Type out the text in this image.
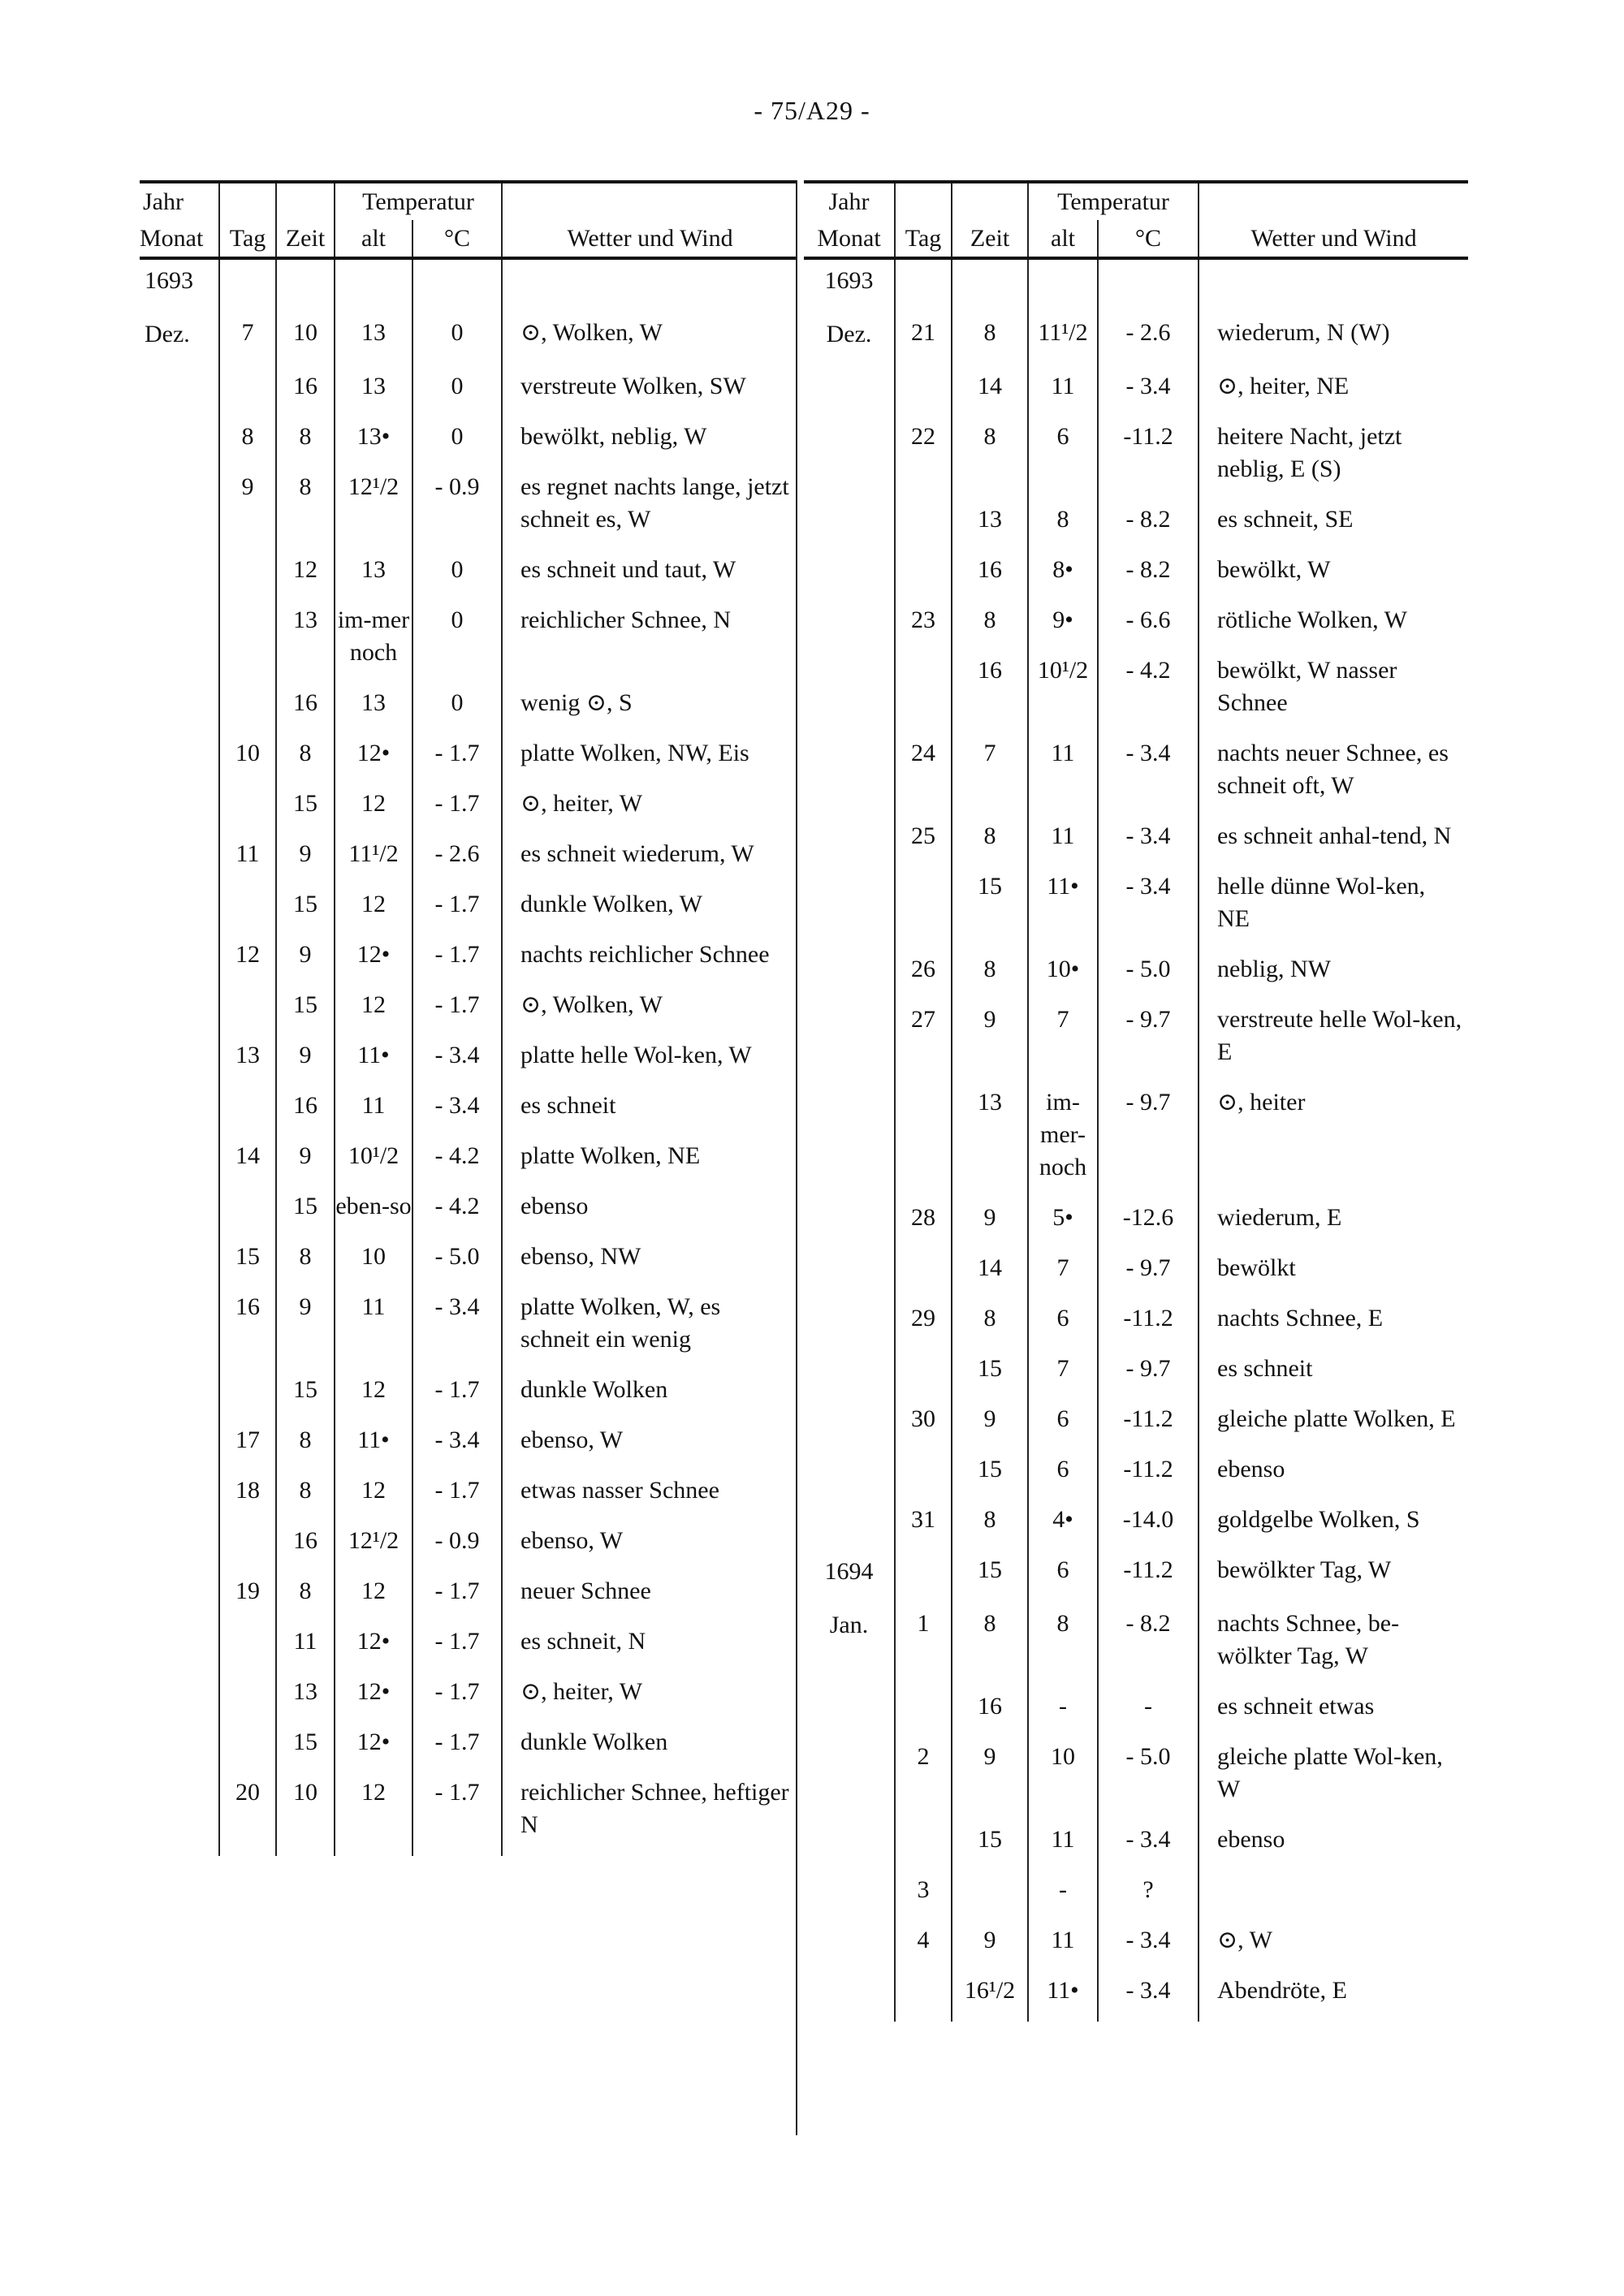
- 75/A29 -
Jahr			Temperatur		
Monat	Tag	Zeit	alt	°C	Wetter und Wind
1693					
Dez.	7	10	13	0	⊙, Wolken, W
		16	13	0	verstreute Wolken, SW
	8	8	13•	0	bewölkt, neblig, W
	9	8	12¹/2	- 0.9	es regnet nachts lange, jetzt schneit es, W
		12	13	0	es schneit und taut, W
		13	im-mer noch	0	reichlicher Schnee, N
		16	13	0	wenig ⊙, S
	10	8	12•	- 1.7	platte Wolken, NW, Eis
		15	12	- 1.7	⊙, heiter, W
	11	9	11¹/2	- 2.6	es schneit wiederum, W
		15	12	- 1.7	dunkle Wolken, W
	12	9	12•	- 1.7	nachts reichlicher Schnee
		15	12	- 1.7	⊙, Wolken, W
	13	9	11•	- 3.4	platte helle Wol-ken, W
		16	11	- 3.4	es schneit
	14	9	10¹/2	- 4.2	platte Wolken, NE
		15	eben-so	- 4.2	ebenso
	15	8	10	- 5.0	ebenso, NW
	16	9	11	- 3.4	platte Wolken, W, es schneit ein wenig
		15	12	- 1.7	dunkle Wolken
	17	8	11•	- 3.4	ebenso, W
	18	8	12	- 1.7	etwas nasser Schnee
		16	12¹/2	- 0.9	ebenso, W
	19	8	12	- 1.7	neuer Schnee
		11	12•	- 1.7	es schneit, N
		13	12•	- 1.7	⊙, heiter, W
		15	12•	- 1.7	dunkle Wolken
	20	10	12	- 1.7	reichlicher Schnee, heftiger N
Jahr			Temperatur		
Monat	Tag	Zeit	alt	°C	Wetter und Wind
1693					
Dez.	21	8	11¹/2	- 2.6	wiederum, N (W)
		14	11	- 3.4	⊙, heiter, NE
	22	8	6	-11.2	heitere Nacht, jetzt neblig, E (S)
		13	8	- 8.2	es schneit, SE
		16	8•	- 8.2	bewölkt, W
	23	8	9•	- 6.6	rötliche Wolken, W
		16	10¹/2	- 4.2	bewölkt, W nasser Schnee
	24	7	11	- 3.4	nachts neuer Schnee, es schneit oft, W
	25	8	11	- 3.4	es schneit anhal-tend, N
		15	11•	- 3.4	helle dünne Wol-ken, NE
	26	8	10•	- 5.0	neblig, NW
	27	9	7	- 9.7	verstreute helle Wol-ken, E
		13	im-mer-noch	- 9.7	⊙, heiter
	28	9	5•	-12.6	wiederum, E
		14	7	- 9.7	bewölkt
	29	8	6	-11.2	nachts Schnee, E
		15	7	- 9.7	es schneit
	30	9	6	-11.2	gleiche platte Wolken, E
		15	6	-11.2	ebenso
	31	8	4•	-14.0	goldgelbe Wolken, S
1694		15	6	-11.2	bewölkter Tag, W
Jan.	1	8	8	- 8.2	nachts Schnee, be-wölkter Tag, W
		16	-	-	es schneit etwas
	2	9	10	- 5.0	gleiche platte Wol-ken, W
		15	11	- 3.4	ebenso
	3		-	?	
	4	9	11	- 3.4	⊙, W
		16¹/2	11•	- 3.4	Abendröte, E
